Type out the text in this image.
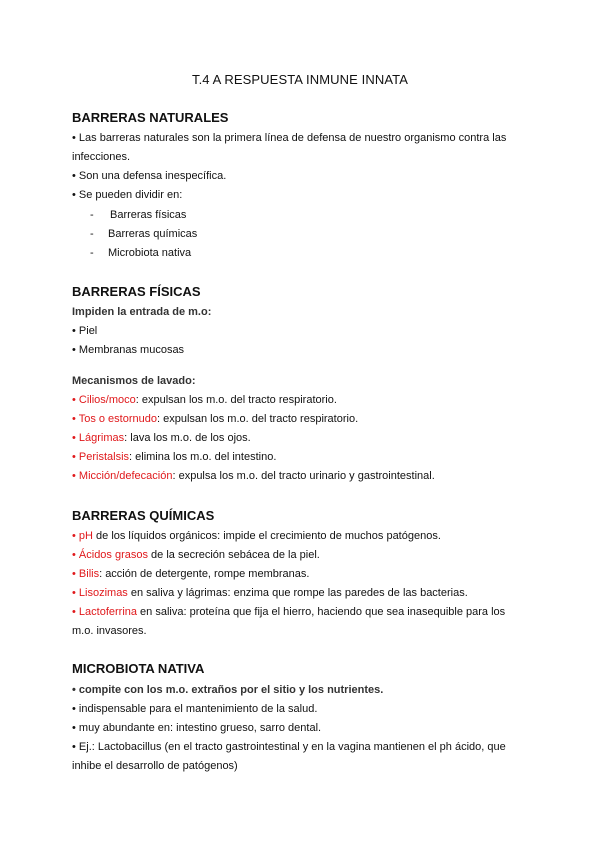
T.4 A RESPUESTA INMUNE INNATA
BARRERAS NATURALES
• Las barreras naturales son la primera línea de defensa de nuestro organismo contra las
infecciones.
• Son una defensa inespecífica.
• Se pueden dividir en:
- Barreras físicas
- Barreras químicas
- Microbiota nativa
BARRERAS FÍSICAS
Impiden la entrada de m.o:
• Piel
• Membranas mucosas
Mecanismos de lavado:
• Cilios/moco: expulsan los m.o. del tracto respiratorio.
• Tos o estornudo: expulsan los m.o. del tracto respiratorio.
• Lágrimas: lava los m.o. de los ojos.
• Peristalsis: elimina los m.o. del intestino.
• Micción/defecación: expulsa los m.o. del tracto urinario y gastrointestinal.
BARRERAS QUÍMICAS
• pH de los líquidos orgánicos: impide el crecimiento de muchos patógenos.
• Ácidos grasos de la secreción sebácea de la piel.
• Bilis: acción de detergente, rompe membranas.
• Lisozimas en saliva y lágrimas: enzima que rompe las paredes de las bacterias.
• Lactoferrina en saliva: proteína que fija el hierro, haciendo que sea inasequible para los
m.o. invasores.
MICROBIOTA NATIVA
• compite con los m.o. extraños por el sitio y los nutrientes.
• indispensable para el mantenimiento de la salud.
• muy abundante en: intestino grueso, sarro dental.
• Ej.: Lactobacillus (en el tracto gastrointestinal y en la vagina mantienen el ph ácido, que
inhibe el desarrollo de patógenos)
